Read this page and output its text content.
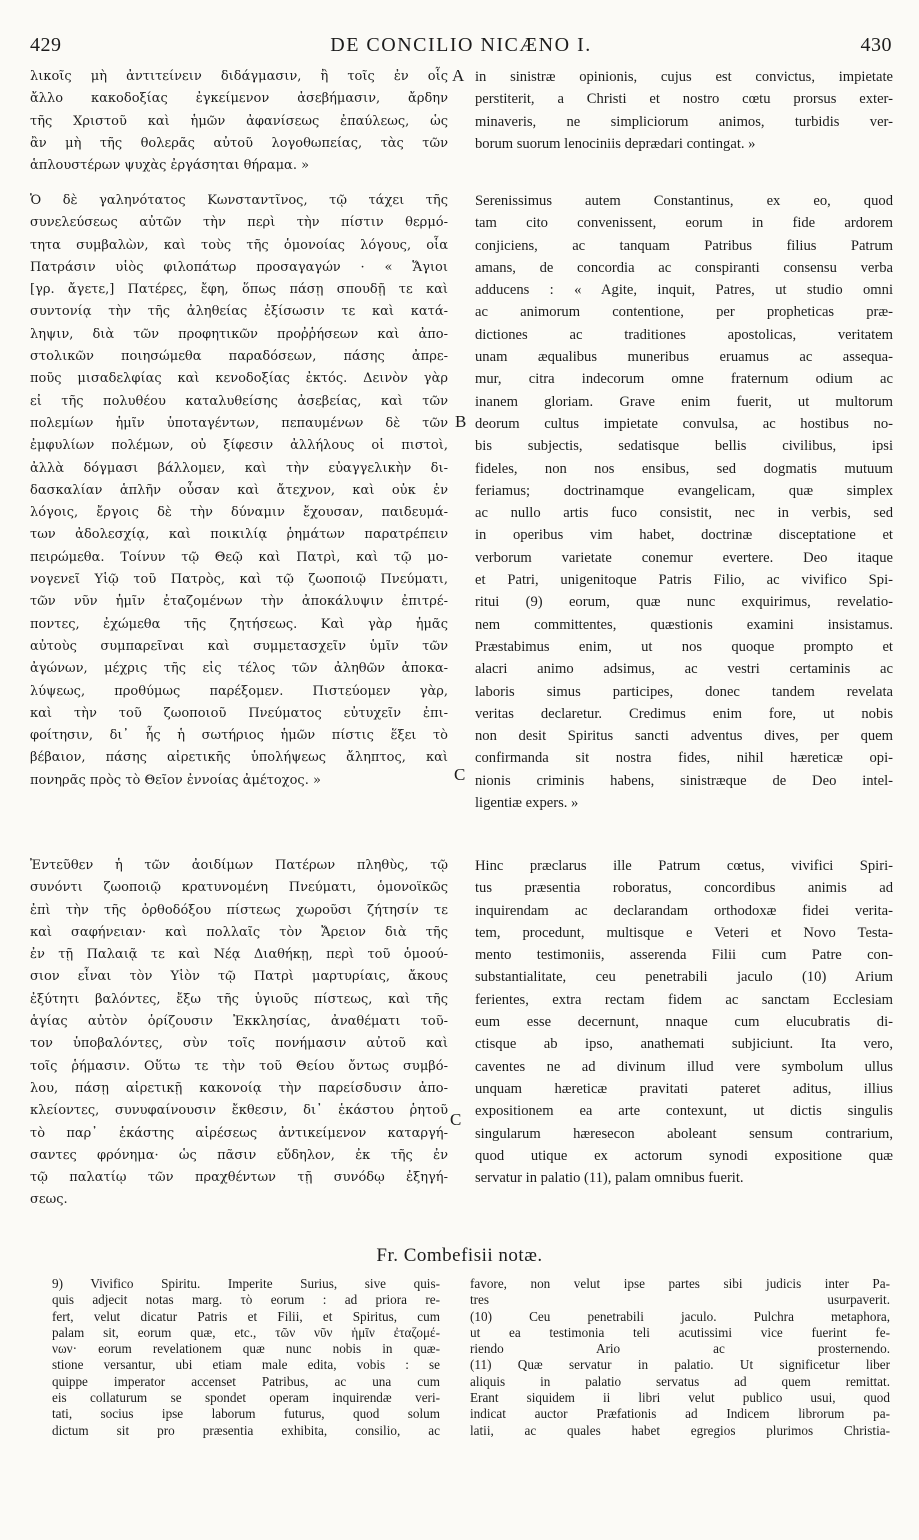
429	DE CONCILIO NICÆNO I.	430
λικοῖς μὴ ἀντιτείνειν διδάγμασιν, ἢ τοῖς ἐν οἷς
ἄλλο κακοδοξίας ἐγκείμενον ἀσεβήμασιν, ἄρδην
τῆς Χριστοῦ καὶ ἡμῶν ἀφανίσεως ἐπαύλεως, ὡς
ἂν μὴ τῆς θολερᾶς αὐτοῦ λογοθωπείας, τὰς τῶν
ἁπλουστέρων ψυχὰς ἐργάσηται θήραμα. »
in sinistræ opinionis, cujus est convictus, impietate
perstiterit, a Christi et nostro cœtu prorsus exter-
minaveris, ne simpliciorum animos, turbidis ver-
borum suorum lenociniis deprædari contingat. »
Ὁ δὲ γαληνότατος Κωνσταντῖνος, τῷ τάχει τῆς
συνελεύσεως αὐτῶν τὴν περὶ τὴν πίστιν θερμό-
τητα συμβαλὼν, καὶ τοὺς τῆς ὁμονοίας λόγους, οἷα
Πατράσιν υἱὸς φιλοπάτωρ προσαγαγών · « Ἅγιοι
[γρ. ἄγετε,] Πατέρες, ἔφη, ὅπως πάσῃ σπουδῇ τε καὶ
συντονίᾳ τὴν τῆς ἀληθείας ἐξίσωσιν τε καὶ κατά-
ληψιν, διὰ τῶν προφητικῶν προῤῥήσεων καὶ ἀπο-
στολικῶν ποιησώμεθα παραδόσεων, πάσης ἀπρε-
ποῦς μισαδελφίας καὶ κενοδοξίας ἐκτός. Δεινὸν γὰρ
εἰ τῆς πολυθέου καταλυθείσης ἀσεβείας, καὶ τῶν
πολεμίων ἡμῖν ὑποταγέντων, πεπαυμένων δὲ τῶν
ἐμφυλίων πολέμων, οὐ ξίφεσιν ἀλλήλους οἱ πιστοὶ,
ἀλλὰ δόγμασι βάλλομεν, καὶ τὴν εὐαγγελικὴν δι-
δασκαλίαν ἁπλῆν οὖσαν καὶ ἄτεχνον, καὶ οὐκ ἐν
λόγοις, ἔργοις δὲ τὴν δύναμιν ἔχουσαν, παιδευμά-
των ἀδολεσχίᾳ, καὶ ποικιλίᾳ ῥημάτων παρατρέπειν
πειρώμεθα. Τοίνυν τῷ Θεῷ καὶ Πατρὶ, καὶ τῷ μο-
νογενεῖ Υἱῷ τοῦ Πατρὸς, καὶ τῷ ζωοποιῷ Πνεύματι,
τῶν νῦν ἡμῖν ἐταζομένων τὴν ἀποκάλυψιν ἐπιτρέ-
ποντες, ἐχώμεθα τῆς ζητήσεως. Καὶ γὰρ ἡμᾶς
αὐτοὺς συμπαρεῖναι καὶ συμμετασχεῖν ὑμῖν τῶν
ἀγώνων, μέχρις τῆς εἰς τέλος τῶν ἀληθῶν ἀποκα-
λύψεως, προθύμως παρέξομεν. Πιστεύομεν γὰρ,
καὶ τὴν τοῦ ζωοποιοῦ Πνεύματος εὐτυχεῖν ἐπι-
φοίτησιν, δι᾽ ἧς ἡ σωτήριος ἡμῶν πίστις ἕξει τὸ
βέβαιον, πάσης αἱρετικῆς ὑπολήψεως ἄληπτος, καὶ
πονηρᾶς πρὸς τὸ Θεῖον ἐννοίας ἀμέτοχος. »
Serenissimus autem Constantinus, ex eo, quod
tam cito convenissent, eorum in fide ardorem
conjiciens, ac tanquam Patribus filius Patrum
amans, de concordia ac conspiranti consensu verba
adducens : « Agite, inquit, Patres, ut studio omni
ac animorum contentione, per propheticas præ-
dictiones ac traditiones apostolicas, veritatem
unam æqualibus muneribus eruamus ac assequa-
mur, citra indecorum omne fraternum odium ac
inanem gloriam. Grave enim fuerit, ut multorum
deorum cultus impietate convulsa, ac hostibus no-
bis subjectis, sedatisque bellis civilibus, ipsi
fideles, non nos ensibus, sed dogmatis mutuum
feriamus; doctrinamque evangelicam, quæ simplex
ac nullo artis fuco consistit, nec in verbis, sed
in operibus vim habet, doctrinæ disceptatione et
verborum varietate conemur evertere. Deo itaque
et Patri, unigenitoque Patris Filio, ac vivifico Spi-
ritui (9) eorum, quæ nunc exquirimus, revelatio-
nem committentes, quæstionis examini insistamus.
Præstabimus enim, ut nos quoque prompto et
alacri animo adsimus, ac vestri certaminis ac
laboris simus participes, donec tandem revelata
veritas declaretur. Credimus enim fore, ut nobis
non desit Spiritus sancti adventus dives, per quem
confirmanda sit nostra fides, nihil hæreticæ opi-
nionis criminis habens, sinistræque de Deo intel-
ligentiæ expers. »
Ἐντεῦθεν ἡ τῶν ἀοιδίμων Πατέρων πληθὺς, τῷ
συνόντι ζωοποιῷ κρατυνομένη Πνεύματι, ὁμονοϊκῶς
ἐπὶ τὴν τῆς ὀρθοδόξου πίστεως χωροῦσι ζήτησίν τε
καὶ σαφήνειαν· καὶ πολλαῖς τὸν Ἄρειον διὰ τῆς
ἐν τῇ Παλαιᾷ τε καὶ Νέᾳ Διαθήκῃ, περὶ τοῦ ὁμοού-
σιον εἶναι τὸν Υἱὸν τῷ Πατρὶ μαρτυρίαις, ἄκους
ἐξύτητι βαλόντες, ἔξω τῆς ὑγιοῦς πίστεως, καὶ τῆς
ἁγίας αὐτὸν ὁρίζουσιν Ἐκκλησίας, ἀναθέματι τοῦ-
τον ὑποβαλόντες, σὺν τοῖς πονήμασιν αὐτοῦ καὶ
τοῖς ῥήμασιν. Οὕτω τε τὴν τοῦ Θείου ὄντως συμβό-
λου, πάσῃ αἱρετικῇ κακονοίᾳ τὴν παρείσδυσιν ἀπο-
κλείοντες, συνυφαίνουσιν ἔκθεσιν, δι᾽ ἑκάστου ῥητοῦ
τὸ παρ᾽ ἑκάστης αἱρέσεως ἀντικείμενον καταργή-
σαντες φρόνημα· ὡς πᾶσιν εὔδηλον, ἐκ τῆς ἐν
τῷ παλατίῳ τῶν πραχθέντων τῇ συνόδῳ ἐξηγή-
σεως.
Hinc præclarus ille Patrum cœtus, vivifici Spiri-
tus præsentia roboratus, concordibus animis ad
inquirendam ac declarandam orthodoxæ fidei verita-
tem, procedunt, multisque e Veteri et Novo Testa-
mento testimoniis, asserenda Filii cum Patre con-
substantialitate, ceu penetrabili jaculo (10) Arium
ferientes, extra rectam fidem ac sanctam Ecclesiam
eum esse decernunt, nnaque cum elucubratis di-
ctisque ab ipso, anathemati subjiciunt. Ita vero,
caventes ne ad divinum illud vere symbolum ullus
unquam hæreticæ pravitati pateret aditus, illius
expositionem ea arte contexunt, ut dictis singulis
singularum hæresecon aboleant sensum contrarium,
quod utique ex actorum synodi expositione quæ
servatur in palatio (11), palam omnibus fuerit.
A
B
C
C
Fr. Combefisii notæ.
9) Vivifico Spiritu. Imperite Surius, sive quis-
quis adjecit notas marg. τὸ eorum : ad priora re-
fert, velut dicatur Patris et Filii, et Spiritus, cum
palam sit, eorum quæ, etc., τῶν νῦν ἡμῖν ἐταζομέ-
νων· eorum revelationem quæ nunc nobis in quæ-
stione versantur, ubi etiam male edita, vobis : se
quippe imperator accenset Patribus, ac una cum
eis collaturum se spondet operam inquirendæ veri-
tati, socius ipse laborum futurus, quod solum
dictum sit pro præsentia exhibita, consilio, ac
favore, non velut ipse partes sibi judicis inter Pa-
tres usurpaverit.
(10) Ceu penetrabili jaculo. Pulchra metaphora,
ut ea testimonia teli acutissimi vice fuerint fe-
riendo Ario ac prosternendo.
(11) Quæ servatur in palatio. Ut significetur liber
aliquis in palatio servatus ad quem remittat.
Erant siquidem ii libri velut publico usui, quod
indicat auctor Præfationis ad Indicem librorum pa-
latii, ac quales habet egregios plurimos Christia-
